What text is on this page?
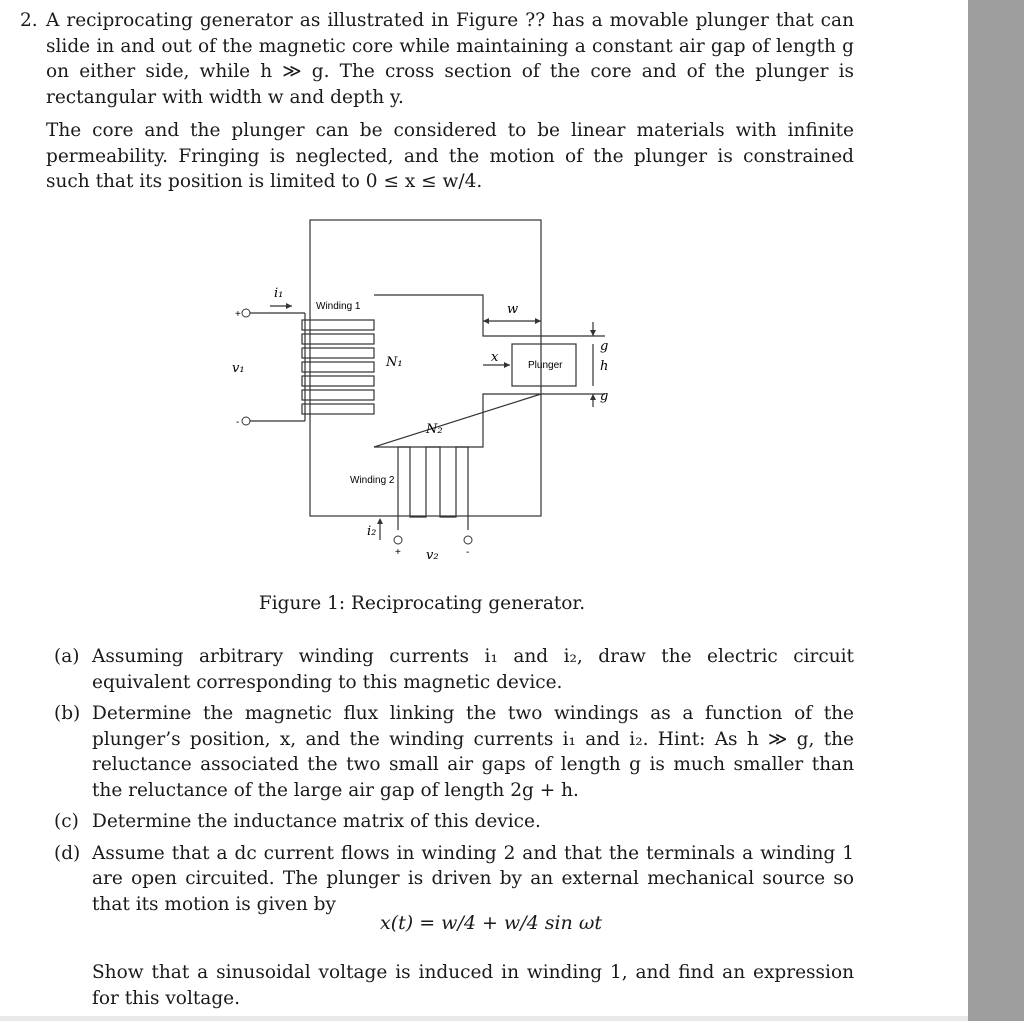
2. A reciprocating generator as illustrated in Figure ?? has a movable plunger that can slide in and out of the magnetic core while maintaining a constant air gap of length g on either side, while h ≫ g. The cross section of the core and of the plunger is rectangular with width w and depth y.
The core and the plunger can be considered to be linear materials with infinite permeability. Fringing is neglected, and the motion of the plunger is constrained such that its position is limited to 0 ≤ x ≤ w/4.
Winding 1
Winding 2
Plunger
i₁
i₂
v₁
v₂
N₁
N₂
w
x
g
h
g
+
-
+	-
Figure 1: Reciprocating generator.
(a) Assuming arbitrary winding currents i₁ and i₂, draw the electric circuit equivalent corresponding to this magnetic device.
(b) Determine the magnetic flux linking the two windings as a function of the plunger’s position, x, and the winding currents i₁ and i₂. Hint: As h ≫ g, the reluctance associated the two small air gaps of length g is much smaller than the reluctance of the large air gap of length 2g + h.
(c) Determine the inductance matrix of this device.
(d) Assume that a dc current flows in winding 2 and that the terminals a winding 1 are open circuited. The plunger is driven by an external mechanical source so that its motion is given by
x(t) = w/4 + w/4 sin ωt
Show that a sinusoidal voltage is induced in winding 1, and find an expression for this voltage.
